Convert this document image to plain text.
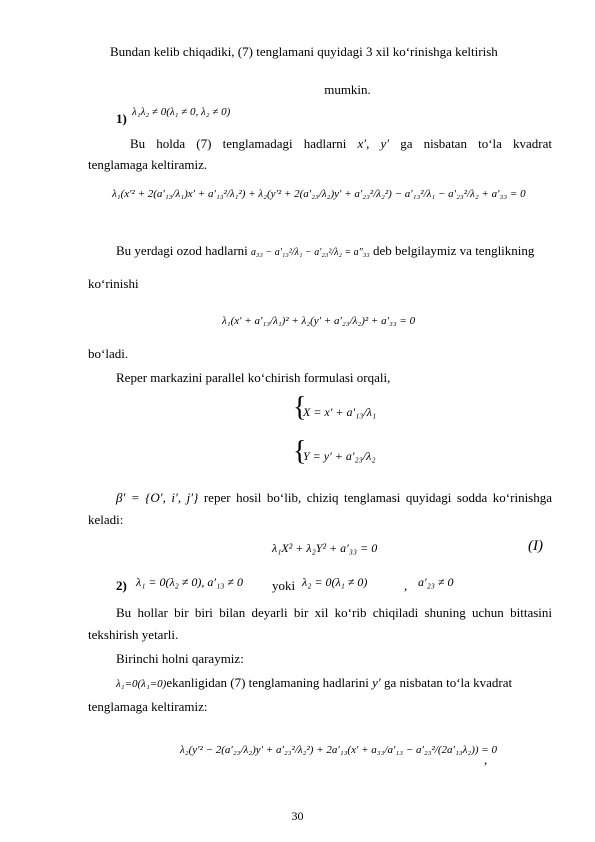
Bundan kelib chiqadiki, (7) tenglamani quyidagi 3 xil ko‘rinishga keltirish
mumkin.
1) λ₁λ₂ ≠ 0(λ₁ ≠ 0, λ₂ ≠ 0)
Bu holda (7) tenglamadagi hadlarni x′, y′ ga nisbatan to‘la kvadrat
tenglamaga keltiramiz.
λ₁(x′² + 2(a′₁₃/λ₁)x′ + a′₁₃²/λ₁²) + λ₂(y′² + 2(a′₂₃/λ₂)y′ + a′₂₃²/λ₂²) − a′₁₃²/λ₁ − a′₂₃²/λ₂ + a′₃₃ = 0
Bu yerdagi ozod hadlarni a₃₃ − a′₁₃²/λ₁ − a′₂₃²/λ₂ = a″₃₃ deb belgilaymiz va tenglikning
ko‘rinishi
λ₁(x′ + a′₁₃/λ₁)² + λ₂(y′ + a′₂₃/λ₂)² + a′₃₃ = 0
bo‘ladi.
Reper markazini parallel ko‘chirish formulasi orqali,
{
X = x′ + a′₁₃/λ₁
{
Y = y′ + a′₂₃/λ₂
β′ = {O′, i′, j′} reper hosil bo‘lib, chiziq tenglamasi quyidagi sodda ko‘rinishga
keladi:
λ₁X² + λ₂Y² + a′₃₃ = 0	(I)
2) λ₁ = 0(λ₂ ≠ 0), a′₁₃ ≠ 0 yoki λ₂ = 0(λ₁ ≠ 0)	, a′₂₃ ≠ 0
Bu hollar bir biri bilan deyarli bir xil ko‘rib chiqiladi shuning uchun bittasini
tekshirish yetarli.
Birinchi holni qaraymiz:
λ₁=0(λ₁=0)ekanligidan (7) tenglamaning hadlarini y′ ga nisbatan to‘la kvadrat
tenglamaga keltiramiz:
λ₂(y′² − 2(a′₂₃/λ₂)y′ + a′₂₃²/λ₂²) + 2a′₁₃(x′ + a₃₃/a′₁₃ − a′₂₃²/(2a′₁₃λ₂)) = 0
,
30
